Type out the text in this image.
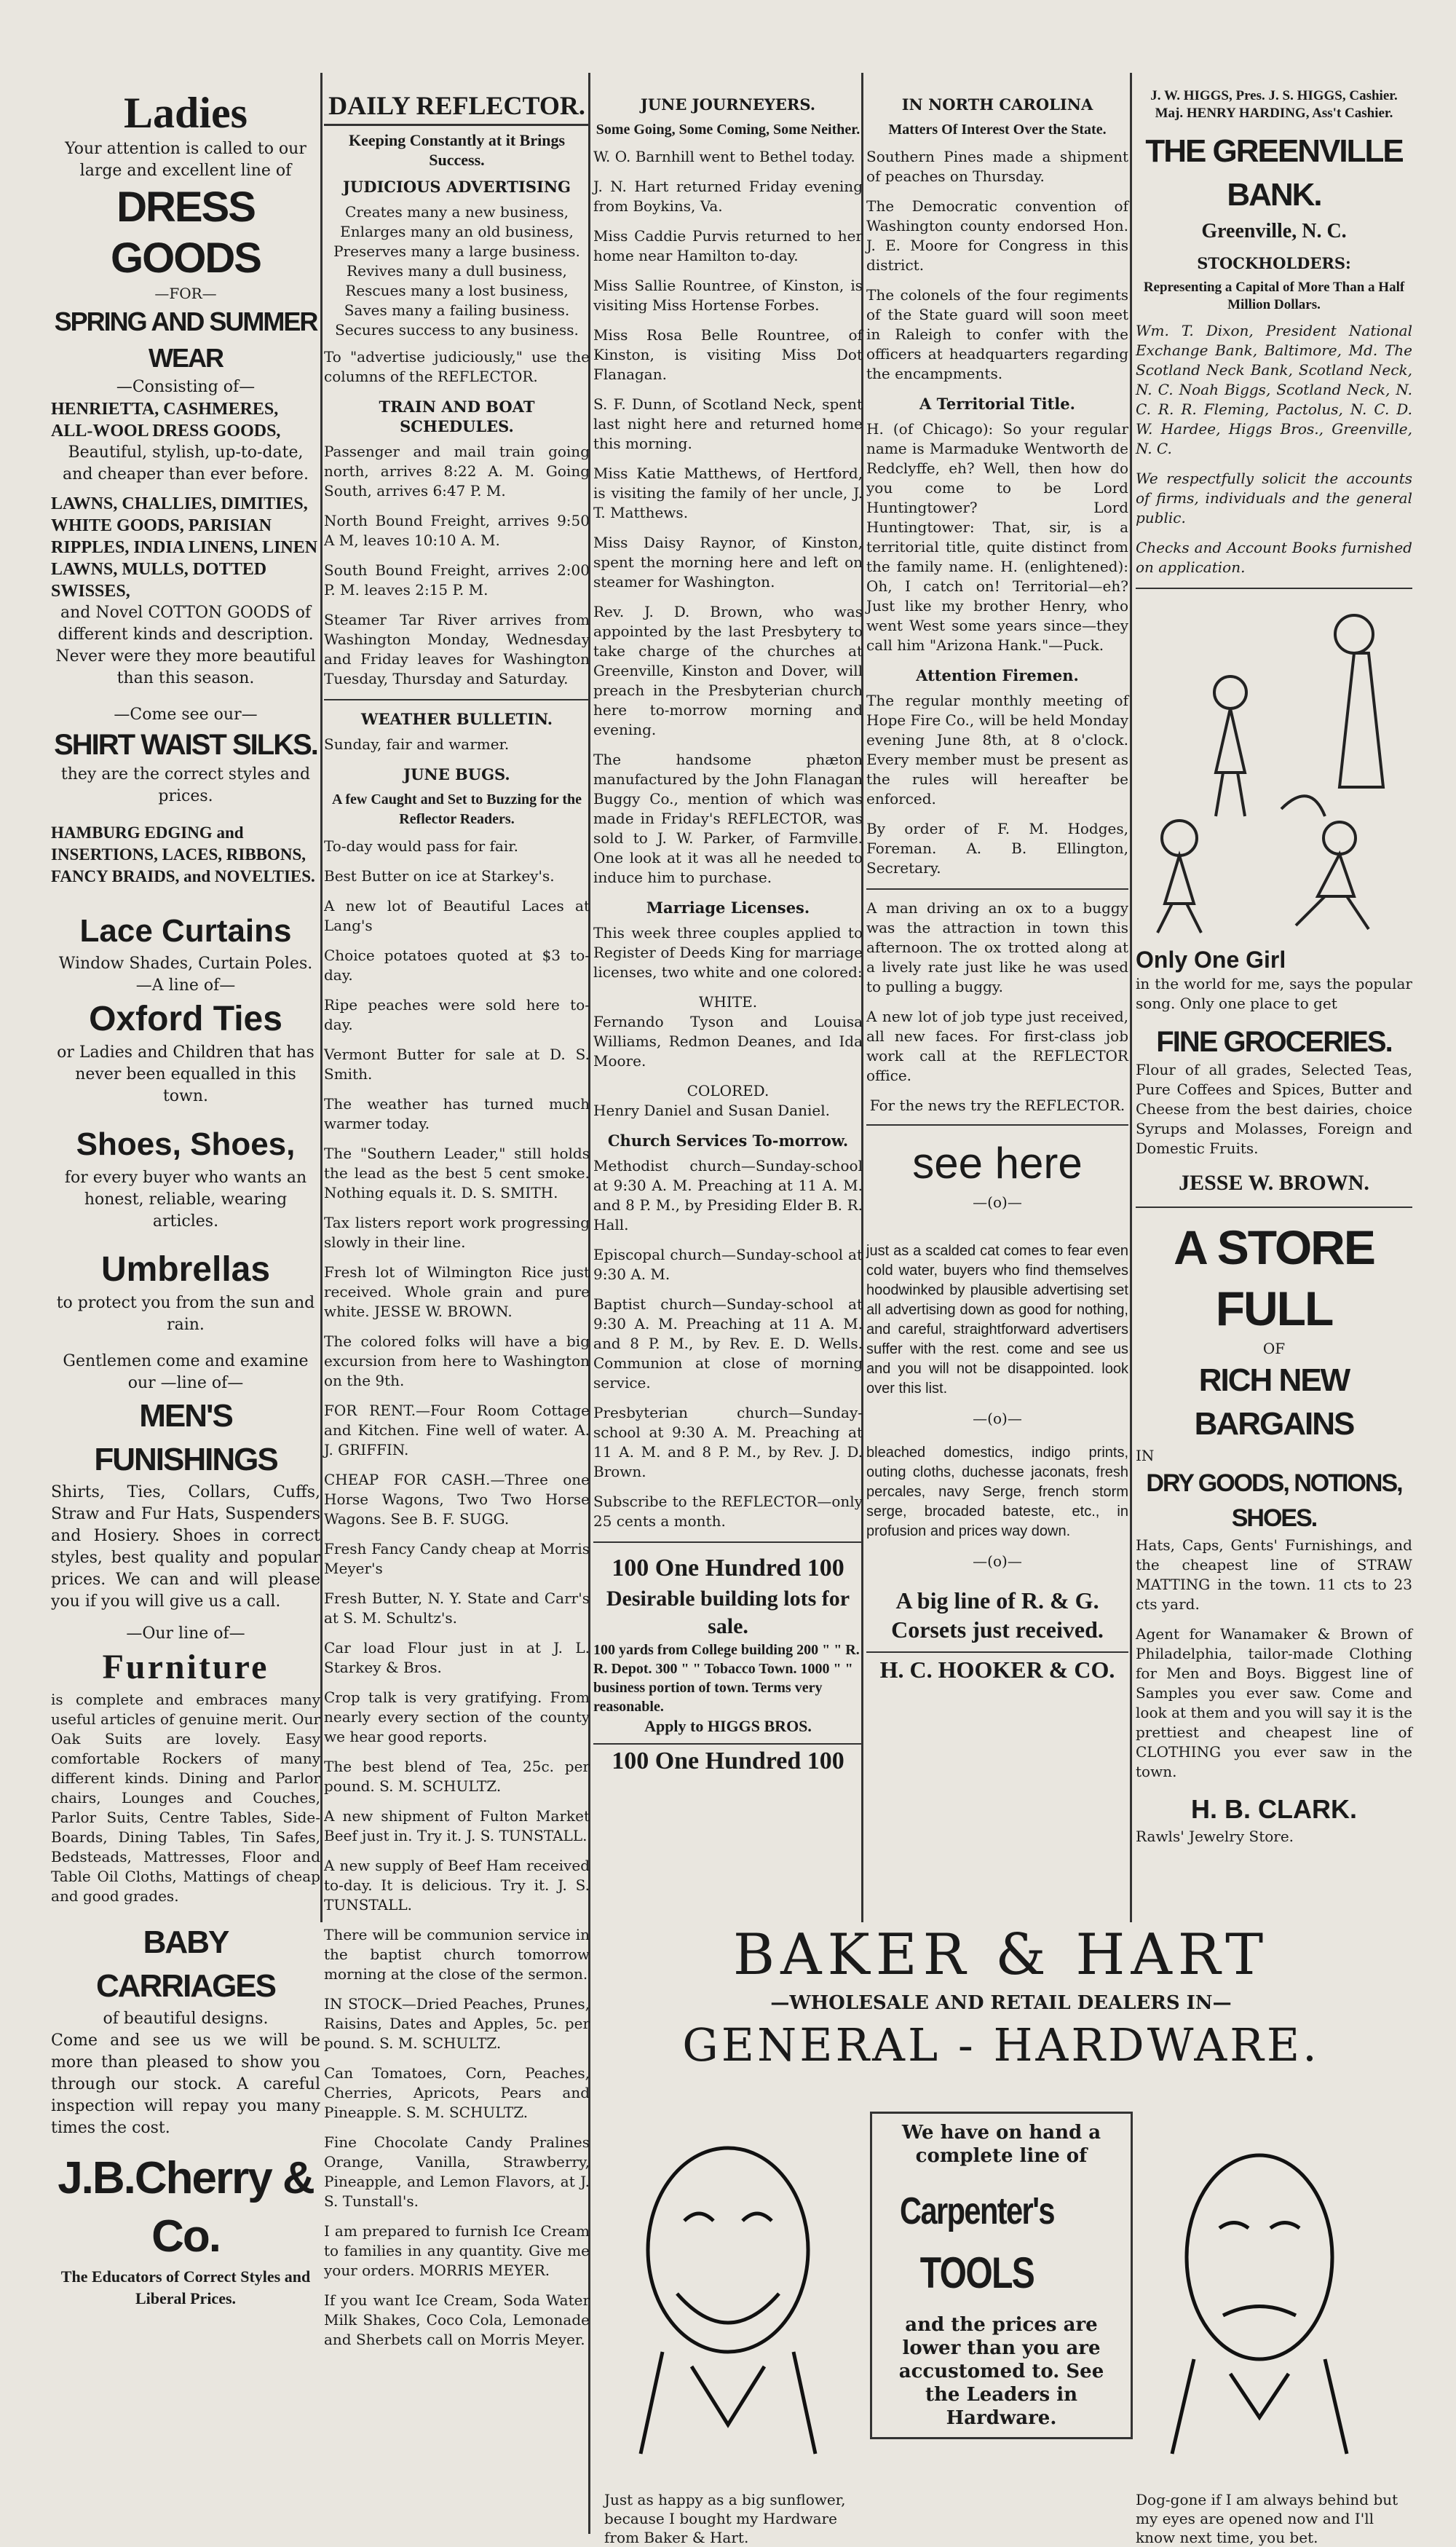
Ladies
Your attention is called to our large and excellent line of
DRESS GOODS
—FOR—
SPRING AND SUMMER WEAR
—Consisting of—
HENRIETTA, CASHMERES, ALL-WOOL DRESS GOODS,
Beautiful, stylish, up-to-date, and cheaper than ever before.
LAWNS, CHALLIES, DIMITIES, WHITE GOODS, PARISIAN RIPPLES, INDIA LINENS, LINEN LAWNS, MULLS, DOTTED SWISSES,
and Novel COTTON GOODS of different kinds and description. Never were they more beautiful than this season.
—Come see our—
SHIRT WAIST SILKS.
they are the correct styles and prices.
HAMBURG EDGING and INSERTIONS, LACES, RIBBONS, FANCY BRAIDS, and NOVELTIES.
Lace Curtains
Window Shades, Curtain Poles.
—A line of—
Oxford Ties
or Ladies and Children that has never been equalled in this town.
Shoes, Shoes,
for every buyer who wants an honest, reliable, wearing articles.
Umbrellas
to protect you from the sun and rain.
Gentlemen come and examine our —line of—
MEN'S FUNISHINGS
Shirts, Ties, Collars, Cuffs, Straw and Fur Hats, Suspenders and Hosiery. Shoes in correct styles, best quality and popular prices. We can and will please you if you will give us a call.
—Our line of—
Furniture
is complete and embraces many useful articles of genuine merit. Our Oak Suits are lovely. Easy comfortable Rockers of many different kinds. Dining and Parlor chairs, Lounges and Couches, Parlor Suits, Centre Tables, Side-Boards, Dining Tables, Tin Safes, Bedsteads, Mattresses, Floor and Table Oil Cloths, Mattings of cheap and good grades.
BABY CARRIAGES
of beautiful designs.
Come and see us we will be more than pleased to show you through our stock. A careful inspection will repay you many times the cost.
J.B.Cherry & Co.
The Educators of Correct Styles and Liberal Prices.
DAILY REFLECTOR.
Keeping Constantly at it Brings Success.
JUDICIOUS ADVERTISING
Creates many a new business, Enlarges many an old business, Preserves many a large business. Revives many a dull business, Rescues many a lost business, Saves many a failing business. Secures success to any business.
To "advertise judiciously," use the columns of the REFLECTOR.
TRAIN AND BOAT SCHEDULES.
Passenger and mail train going north, arrives 8:22 A. M. Going South, arrives 6:47 P. M.
North Bound Freight, arrives 9:50 A M, leaves 10:10 A. M.
South Bound Freight, arrives 2:00 P. M. leaves 2:15 P. M.
Steamer Tar River arrives from Washington Monday, Wednesday and Friday leaves for Washington Tuesday, Thursday and Saturday.
WEATHER BULLETIN.
Sunday, fair and warmer.
JUNE BUGS.
A few Caught and Set to Buzzing for the Reflector Readers.
To-day would pass for fair.
Best Butter on ice at Starkey's.
A new lot of Beautiful Laces at Lang's
Choice potatoes quoted at $3 to-day.
Ripe peaches were sold here to-day.
Vermont Butter for sale at D. S. Smith.
The weather has turned much warmer today.
The "Southern Leader," still holds the lead as the best 5 cent smoke. Nothing equals it. D. S. SMITH.
Tax listers report work progressing slowly in their line.
Fresh lot of Wilmington Rice just received. Whole grain and pure white. JESSE W. BROWN.
The colored folks will have a big excursion from here to Washington on the 9th.
FOR RENT.—Four Room Cottage and Kitchen. Fine well of water. A. J. GRIFFIN.
CHEAP FOR CASH.—Three one Horse Wagons, Two Two Horse Wagons. See B. F. SUGG.
Fresh Fancy Candy cheap at Morris Meyer's
Fresh Butter, N. Y. State and Carr's at S. M. Schultz's.
Car load Flour just in at J. L. Starkey & Bros.
Crop talk is very gratifying. From nearly every section of the county we hear good reports.
The best blend of Tea, 25c. per pound. S. M. SCHULTZ.
A new shipment of Fulton Market Beef just in. Try it. J. S. TUNSTALL.
A new supply of Beef Ham received to-day. It is delicious. Try it. J. S. TUNSTALL.
There will be communion service in the baptist church tomorrow morning at the close of the sermon.
IN STOCK—Dried Peaches, Prunes, Raisins, Dates and Apples, 5c. per pound. S. M. SCHULTZ.
Can Tomatoes, Corn, Peaches, Cherries, Apricots, Pears and Pineapple. S. M. SCHULTZ.
Fine Chocolate Candy Pralines Orange, Vanilla, Strawberry, Pineapple, and Lemon Flavors, at J. S. Tunstall's.
I am prepared to furnish Ice Cream to families in any quantity. Give me your orders. MORRIS MEYER.
If you want Ice Cream, Soda Water Milk Shakes, Coco Cola, Lemonade and Sherbets call on Morris Meyer.
JUNE JOURNEYERS.
Some Going, Some Coming, Some Neither.
W. O. Barnhill went to Bethel today.
J. N. Hart returned Friday evening from Boykins, Va.
Miss Caddie Purvis returned to her home near Hamilton to-day.
Miss Sallie Rountree, of Kinston, is visiting Miss Hortense Forbes.
Miss Rosa Belle Rountree, of Kinston, is visiting Miss Dot Flanagan.
S. F. Dunn, of Scotland Neck, spent last night here and returned home this morning.
Miss Katie Matthews, of Hertford, is visiting the family of her uncle, J. T. Matthews.
Miss Daisy Raynor, of Kinston, spent the morning here and left on steamer for Washington.
Rev. J. D. Brown, who was appointed by the last Presbytery to take charge of the churches at Greenville, Kinston and Dover, will preach in the Presbyterian church here to-morrow morning and evening.
The handsome phæton manufactured by the John Flanagan Buggy Co., mention of which was made in Friday's REFLECTOR, was sold to J. W. Parker, of Farmville. One look at it was all he needed to induce him to purchase.
Marriage Licenses.
This week three couples applied to Register of Deeds King for marriage licenses, two white and one colored:
WHITE.
Fernando Tyson and Louisa Williams, Redmon Deanes, and Ida Moore.
COLORED.
Henry Daniel and Susan Daniel.
Church Services To-morrow.
Methodist church—Sunday-school at 9:30 A. M. Preaching at 11 A. M. and 8 P. M., by Presiding Elder B. R. Hall.
Episcopal church—Sunday-school at 9:30 A. M.
Baptist church—Sunday-school at 9:30 A. M. Preaching at 11 A. M. and 8 P. M., by Rev. E. D. Wells. Communion at close of morning service.
Presbyterian church—Sunday-school at 9:30 A. M. Preaching at 11 A. M. and 8 P. M., by Rev. J. D. Brown.
Subscribe to the REFLECTOR—only 25 cents a month.
100 One Hundred 100
Desirable building lots for sale.
100 yards from College building 200 " " R. R. Depot. 300 " " Tobacco Town. 1000 " " business portion of town. Terms very reasonable.
Apply to HIGGS BROS.
100 One Hundred 100
IN NORTH CAROLINA
Matters Of Interest Over the State.
Southern Pines made a shipment of peaches on Thursday.
The Democratic convention of Washington county endorsed Hon. J. E. Moore for Congress in this district.
The colonels of the four regiments of the State guard will soon meet in Raleigh to confer with the officers at headquarters regarding the encampments.
A Territorial Title.
H. (of Chicago): So your regular name is Marmaduke Wentworth de Redclyffe, eh? Well, then how do you come to be Lord Huntingtower? Lord Huntingtower: That, sir, is a territorial title, quite distinct from the family name. H. (enlightened): Oh, I catch on! Territorial—eh? Just like my brother Henry, who went West some years since—they call him "Arizona Hank."—Puck.
Attention Firemen.
The regular monthly meeting of Hope Fire Co., will be held Monday evening June 8th, at 8 o'clock. Every member must be present as the rules will hereafter be enforced.
By order of F. M. Hodges, Foreman. A. B. Ellington, Secretary.
A man driving an ox to a buggy was the attraction in town this afternoon. The ox trotted along at a lively rate just like he was used to pulling a buggy.
A new lot of job type just received, all new faces. For first-class job work call at the REFLECTOR office.
For the news try the REFLECTOR.
see here
—(o)—
just as a scalded cat comes to fear even cold water, buyers who find themselves hoodwinked by plausible advertising set all advertising down as good for nothing, and careful, straightforward advertisers suffer with the rest. come and see us and you will not be disappointed. look over this list.
—(o)—
bleached domestics, indigo prints, outing cloths, duchesse jaconats, fresh percales, navy Serge, french storm serge, brocaded bateste, etc., in profusion and prices way down.
—(o)—
A big line of R. & G. Corsets just received.
H. C. HOOKER & CO.
J. W. HIGGS, Pres. J. S. HIGGS, Cashier. Maj. HENRY HARDING, Ass't Cashier.
THE GREENVILLE BANK.
Greenville, N. C.
STOCKHOLDERS:
Representing a Capital of More Than a Half Million Dollars.
Wm. T. Dixon, President National Exchange Bank, Baltimore, Md. The Scotland Neck Bank, Scotland Neck, N. C. Noah Biggs, Scotland Neck, N. C. R. R. Fleming, Pactolus, N. C. D. W. Hardee, Higgs Bros., Greenville, N. C.
We respectfully solicit the accounts of firms, individuals and the general public.
Checks and Account Books furnished on application.
Only One Girl
in the world for me, says the popular song. Only one place to get
FINE GROCERIES.
Flour of all grades, Selected Teas, Pure Coffees and Spices, Butter and Cheese from the best dairies, choice Syrups and Molasses, Foreign and Domestic Fruits.
JESSE W. BROWN.
A STORE FULL
OF
RICH NEW BARGAINS
IN
DRY GOODS, NOTIONS, SHOES.
Hats, Caps, Gents' Furnishings, and the cheapest line of STRAW MATTING in the town. 11 cts to 23 cts yard.
Agent for Wanamaker & Brown of Philadelphia, tailor-made Clothing for Men and Boys. Biggest line of Samples you ever saw. Come and look at them and you will say it is the prettiest and cheapest line of CLOTHING you ever saw in the town.
H. B. CLARK.
Rawls' Jewelry Store.
BAKER & HART
—WHOLESALE AND RETAIL DEALERS IN—
GENERAL - HARDWARE.
We have on hand a complete line of
Carpenter's
TOOLS
and the prices are lower than you are accustomed to. See the Leaders in Hardware.
Just as happy as a big sunflower, because I bought my Hardware from Baker & Hart.
Dog-gone if I am always behind but my eyes are opened now and I'll know next time, you bet.
